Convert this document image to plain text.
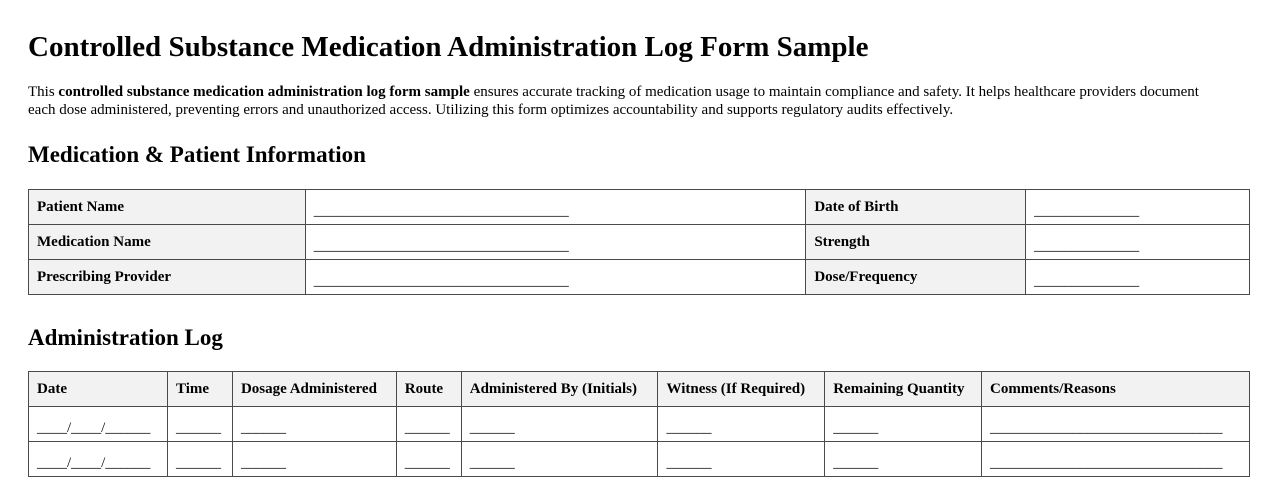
Controlled Substance Medication Administration Log Form Sample

This controlled substance medication administration log form sample ensures accurate tracking of medication usage to maintain compliance and safety. It helps healthcare providers document each dose administered, preventing errors and unauthorized access. Utilizing this form optimizes accountability and supports regulatory audits effectively.

Medication & Patient Information
Patient Name	__________________________________	Date of Birth	______________
Medication Name	__________________________________	Strength	______________
Prescribing Provider	__________________________________	Dose/Frequency	______________
Administration Log
Date	Time	Dosage Administered	Route	Administered By (Initials)	Witness (If Required)	Remaining Quantity	Comments/Reasons
____/____/______	______	______	______	______	______	______	_______________________________
____/____/______	______	______	______	______	______	______	_______________________________
